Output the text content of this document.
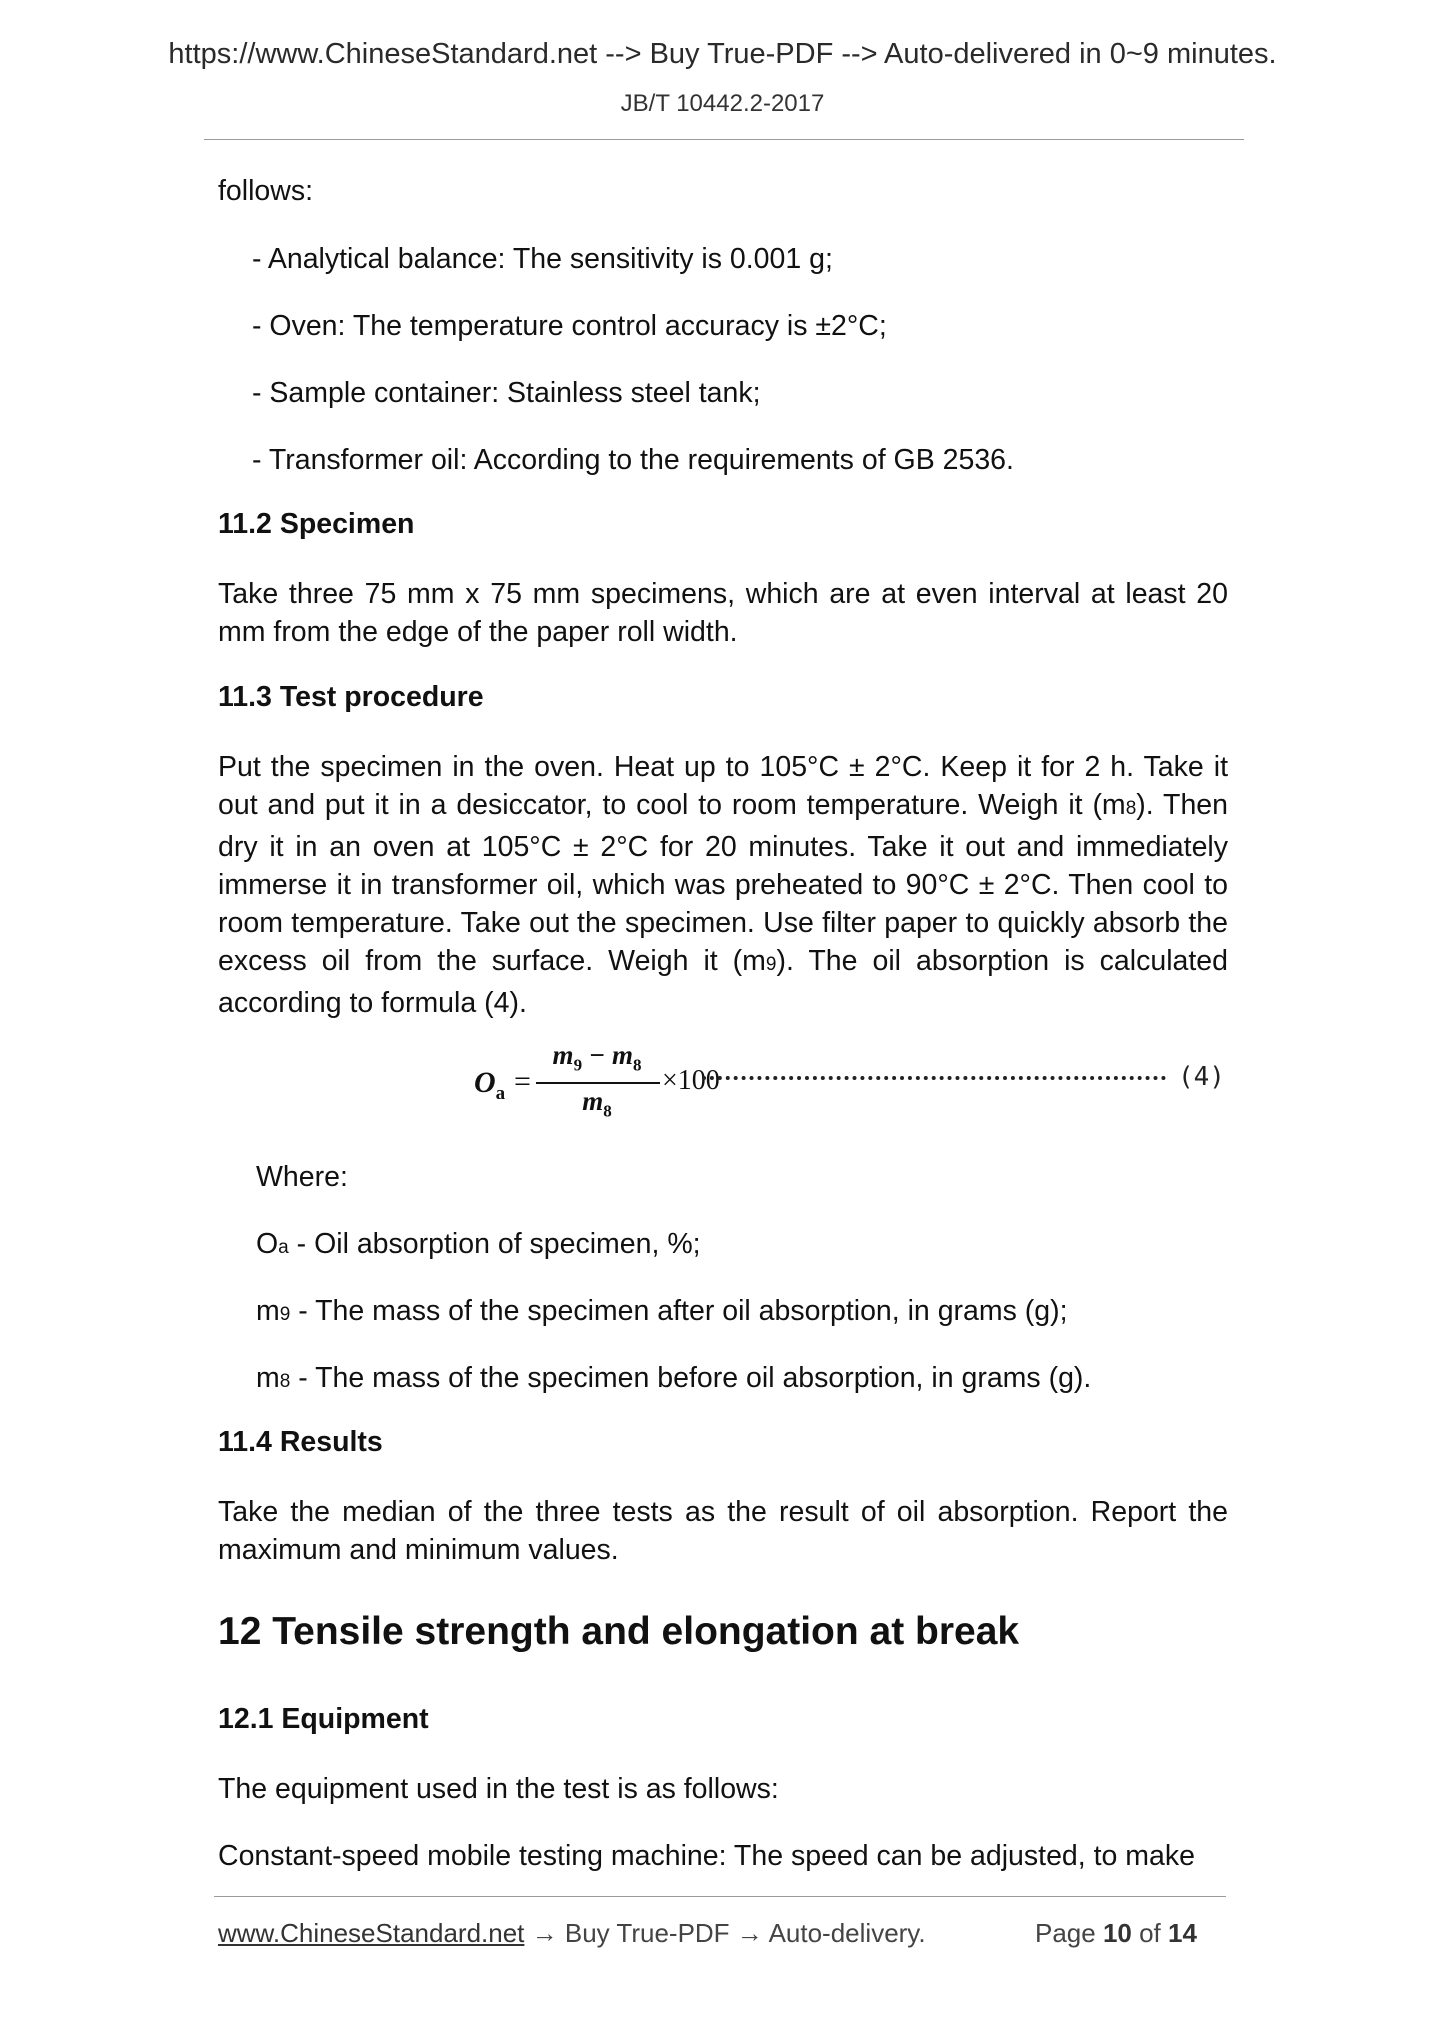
https://www.ChineseStandard.net --> Buy True-PDF --> Auto-delivered in 0~9 minutes.
JB/T 10442.2-2017

follows:

- Analytical balance: The sensitivity is 0.001 g;

- Oven: The temperature control accuracy is ±2°C;

- Sample container: Stainless steel tank;

- Transformer oil: According to the requirements of GB 2536.

11.2 Specimen

Take three 75 mm x 75 mm specimens, which are at even interval at least 20 mm from the edge of the paper roll width.

11.3 Test procedure

Put the specimen in the oven. Heat up to 105°C ± 2°C. Keep it for 2 h. Take it out and put it in a desiccator, to cool to room temperature. Weigh it (m8). Then dry it in an oven at 105°C ± 2°C for 20 minutes. Take it out and immediately immerse it in transformer oil, which was preheated to 90°C ± 2°C. Then cool to room temperature. Take out the specimen. Use filter paper to quickly absorb the excess oil from the surface. Weigh it (m9). The oil absorption is calculated according to formula (4).

$O_a$ =
$m_9 - m_8$
$m_8$
×100	(4)

Where:

Oa - Oil absorption of specimen, %;

m9 - The mass of the specimen after oil absorption, in grams (g);

m8 - The mass of the specimen before oil absorption, in grams (g).

11.4 Results

Take the median of the three tests as the result of oil absorption. Report the maximum and minimum values.

12 Tensile strength and elongation at break
12.1 Equipment

The equipment used in the test is as follows:

Constant-speed mobile testing machine: The speed can be adjusted, to make

www.ChineseStandard.net → Buy True-PDF → Auto-delivery.	Page 10 of 14
